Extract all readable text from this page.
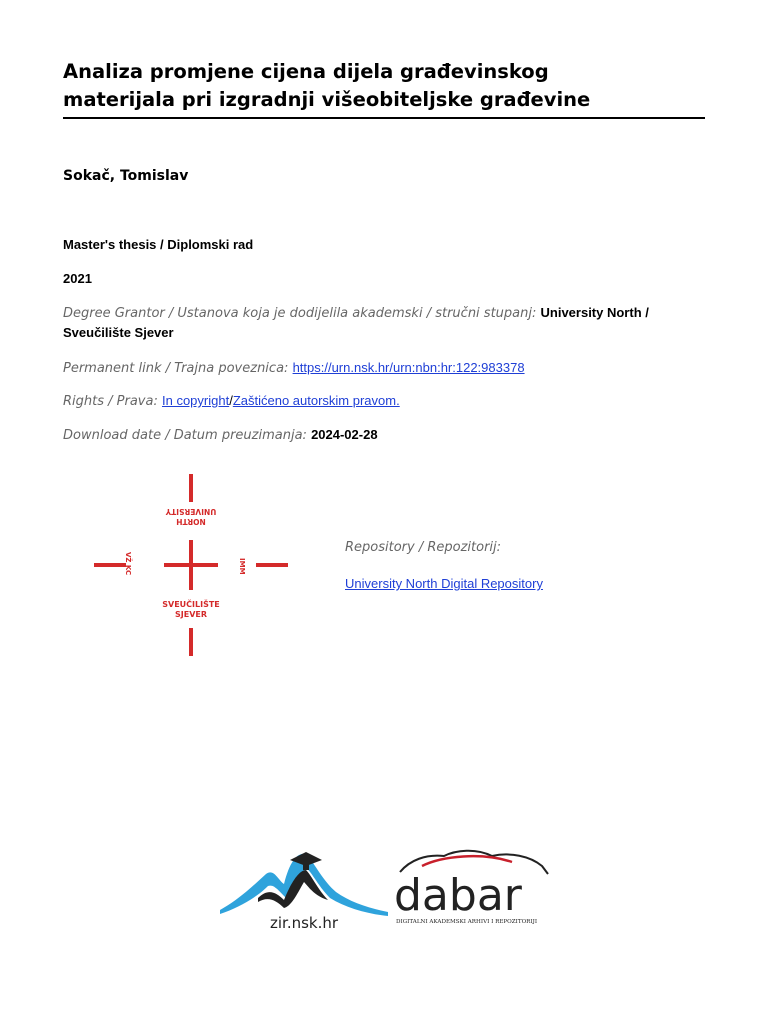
Analiza promjene cijena dijela građevinskog
materijala pri izgradnji višeobiteljske građevine
Sokač, Tomislav
Master's thesis / Diplomski rad
2021
Degree Grantor / Ustanova koja je dodijelila akademski / stručni stupanj: University North / Sveučilište Sjever
Permanent link / Trajna poveznica: https://urn.nsk.hr/urn:nbn:hr:122:983378
Rights / Prava: In copyright/Zaštićeno autorskim pravom.
Download date / Datum preuzimanja: 2024-02-28
NORTH
UNIVERSITY
SVEUČILIŠTE
SJEVER
VŽ KC	IMM
Repository / Repozitorij:
University North Digital Repository
zir.nsk.hr
dabar
DIGITALNI AKADEMSKI ARHIVI I REPOZITORIJI
